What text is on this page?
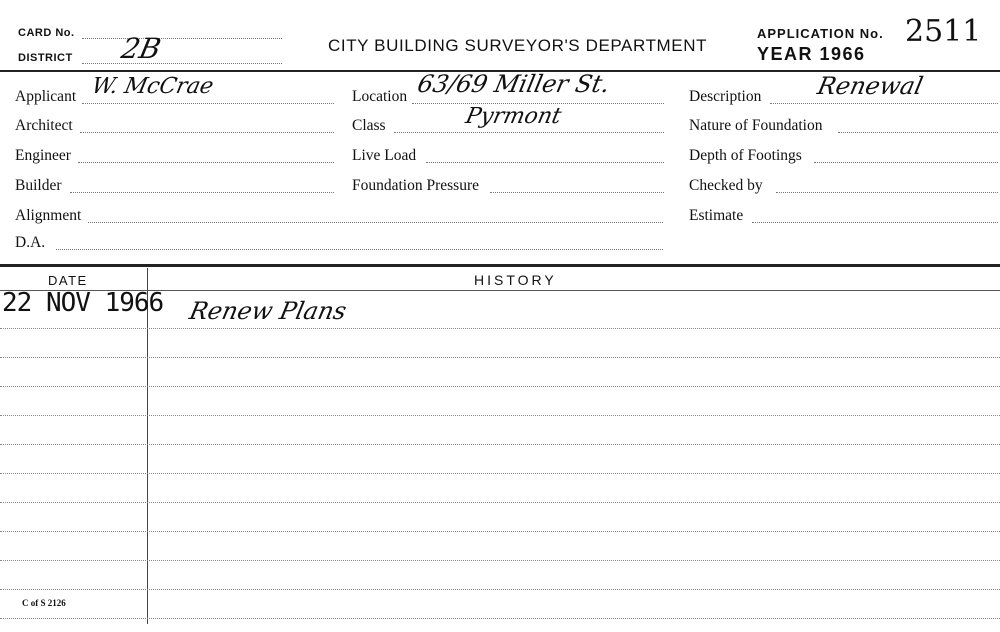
CARD No.
DISTRICT 2B	CITY BUILDING SURVEYOR'S DEPARTMENT
APPLICATION No. 2511
YEAR 1966
Applicant W. McCrae
Architect
Engineer
Builder
Alignment
D.A.
Location 63/69 Miller St.
Class	Pyrmont
Live Load
Foundation Pressure
Description Renewal
Nature of Foundation
Depth of Footings
Checked by
Estimate
DATE	HISTORY
22 NOV 1966 Renew Plans
C of S 2126
